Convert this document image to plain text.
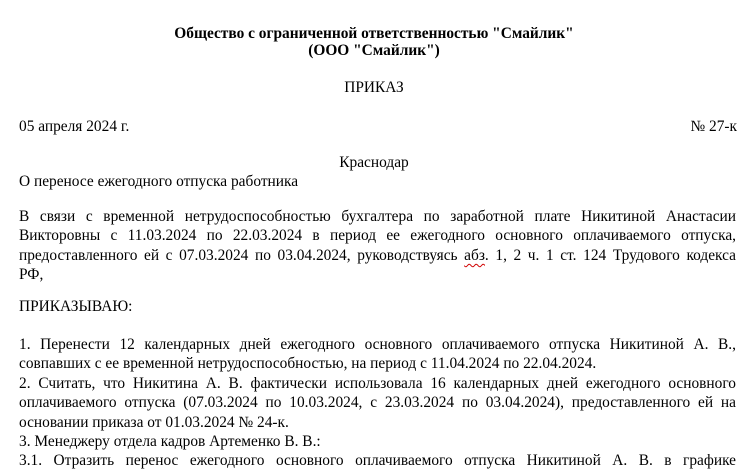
Общество с ограниченной ответственностью "Смайлик"
(ООО "Смайлик")
ПРИКАЗ
05 апреля 2024 г.	№ 27-к
Краснодар
О переносе ежегодного отпуска работника
В связи с временной нетрудоспособностью бухгалтера по заработной плате Никитиной Анастасии
Викторовны с 11.03.2024 по 22.03.2024 в период ее ежегодного основного оплачиваемого отпуска,
предоставленного ей с 07.03.2024 по 03.04.2024, руководствуясь абз. 1, 2 ч. 1 ст. 124 Трудового кодекса
РФ,
ПРИКАЗЫВАЮ:
1. Перенести 12 календарных дней ежегодного основного оплачиваемого отпуска Никитиной А. В.,
совпавших с ее временной нетрудоспособностью, на период с 11.04.2024 по 22.04.2024.
2. Считать, что Никитина А. В. фактически использовала 16 календарных дней ежегодного основного
оплачиваемого отпуска (07.03.2024 по 10.03.2024, с 23.03.2024 по 03.04.2024), предоставленного ей на
основании приказа от 01.03.2024 № 24-к.
3. Менеджеру отдела кадров Артеменко В. В.:
3.1. Отразить перенос ежегодного основного оплачиваемого отпуска Никитиной А. В. в графике
